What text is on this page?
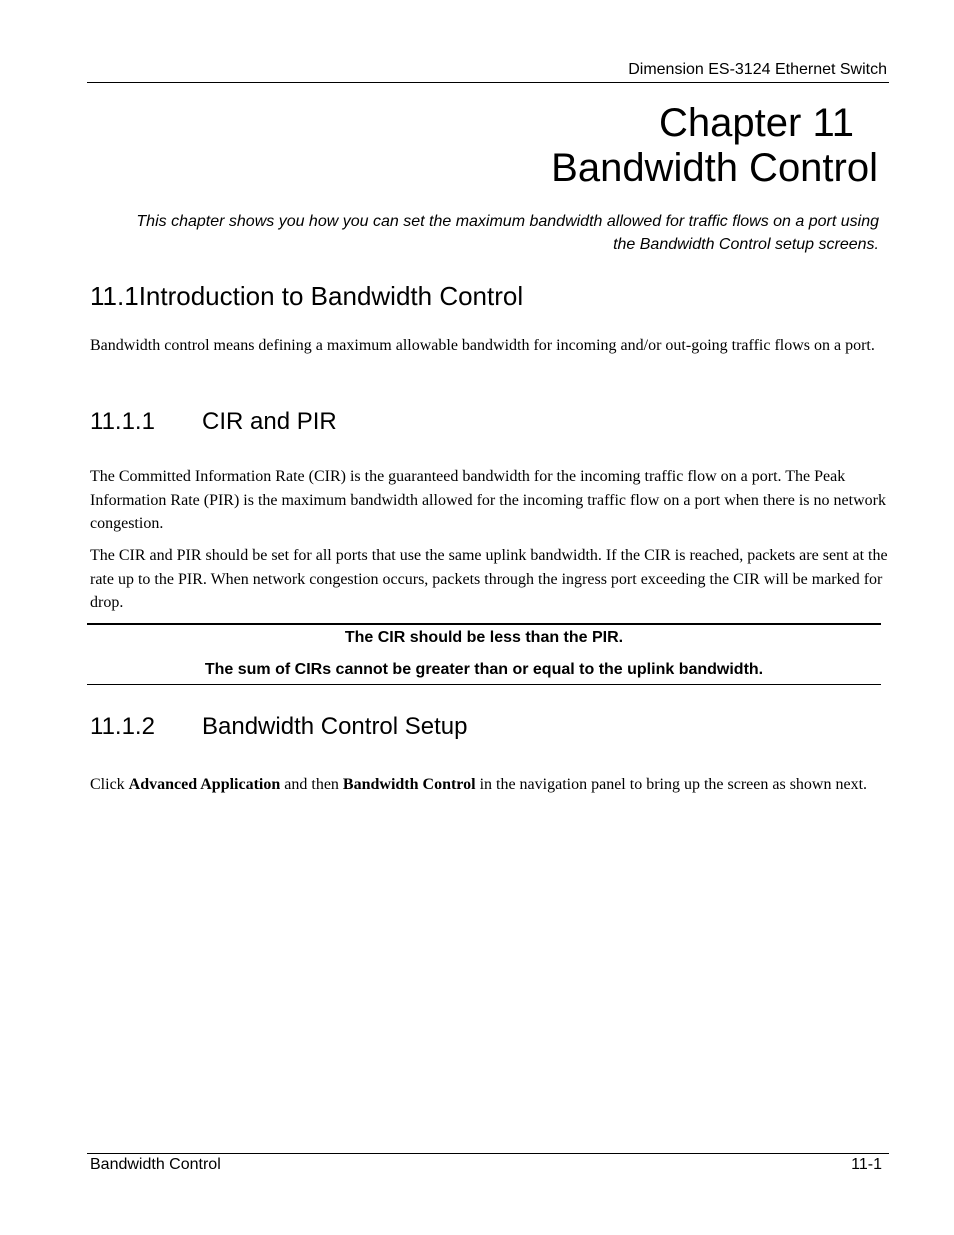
Dimension ES-3124 Ethernet Switch
Chapter 11
Bandwidth Control
This chapter shows you how you can set the maximum bandwidth allowed for traffic flows on a port using the Bandwidth Control setup screens.
11.1Introduction to Bandwidth Control
Bandwidth control means defining a maximum allowable bandwidth for incoming and/or out-going traffic flows on a port.
11.1.1 CIR and PIR
The Committed Information Rate (CIR) is the guaranteed bandwidth for the incoming traffic flow on a port. The Peak Information Rate (PIR) is the maximum bandwidth allowed for the incoming traffic flow on a port when there is no network congestion.
The CIR and PIR should be set for all ports that use the same uplink bandwidth. If the CIR is reached, packets are sent at the rate up to the PIR. When network congestion occurs, packets through the ingress port exceeding the CIR will be marked for drop.
The CIR should be less than the PIR.
The sum of CIRs cannot be greater than or equal to the uplink bandwidth.
11.1.2 Bandwidth Control Setup
Click Advanced Application and then Bandwidth Control in the navigation panel to bring up the screen as shown next.
Bandwidth Control	11-1
